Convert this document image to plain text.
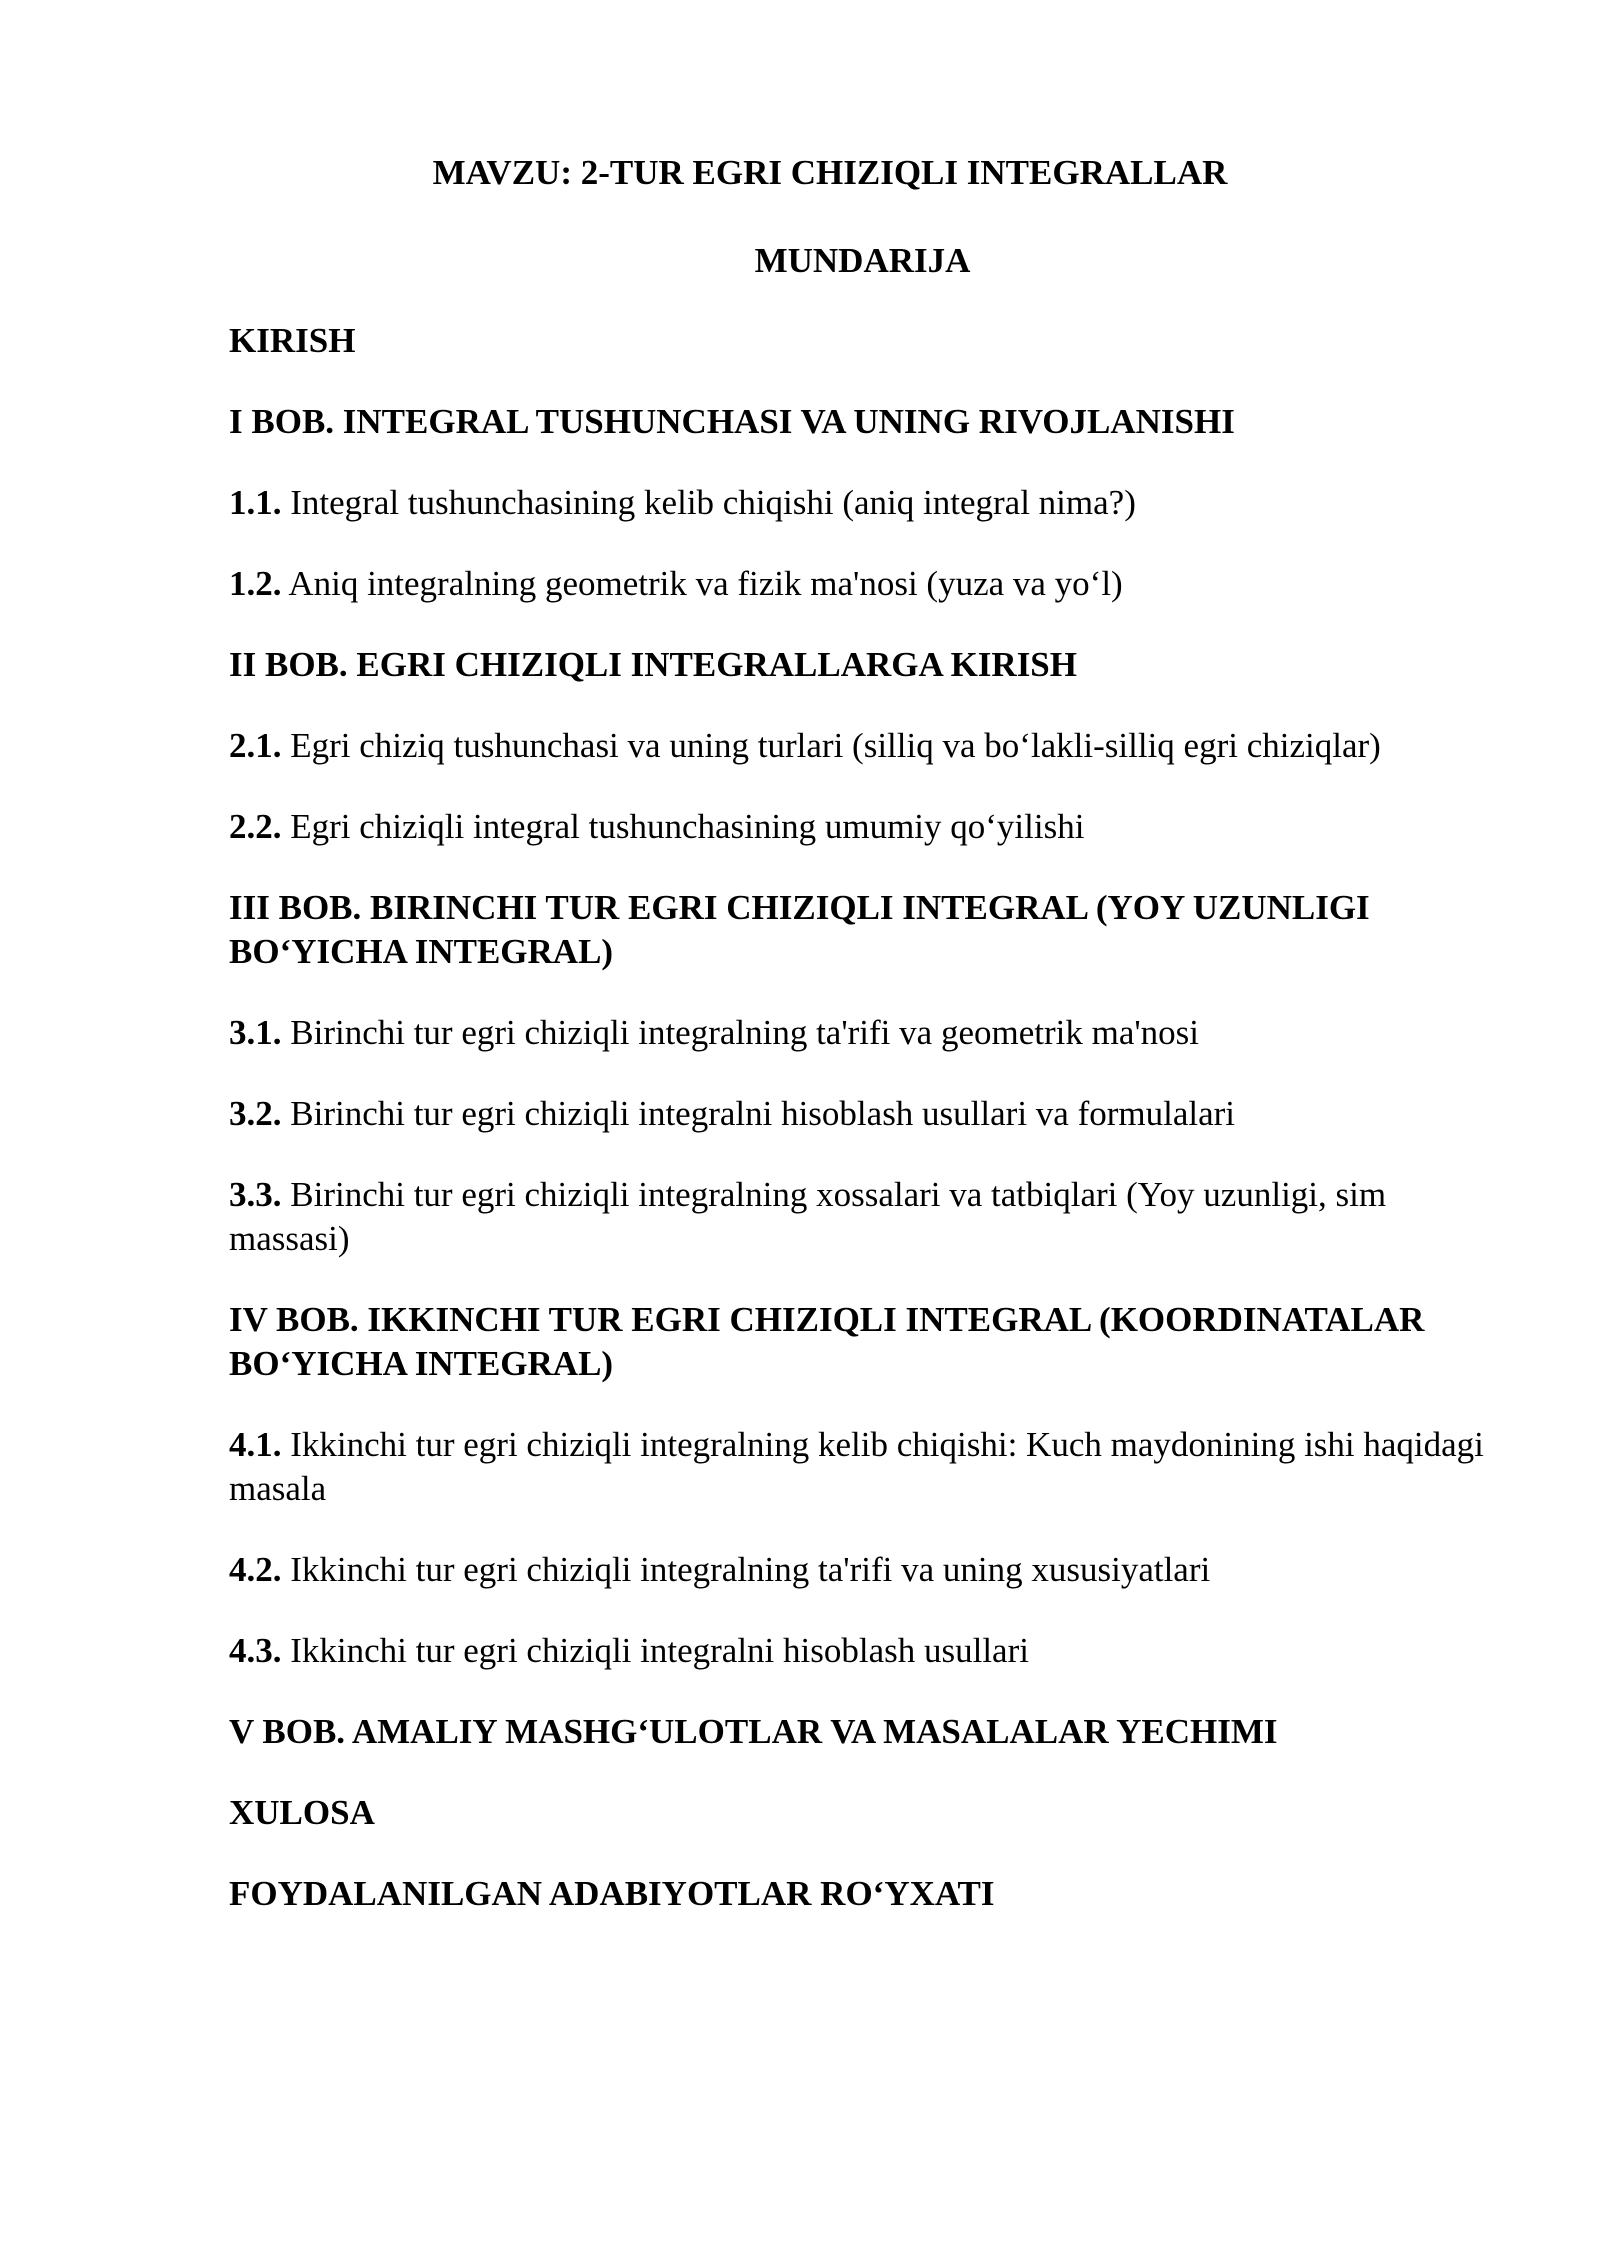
MAVZU: 2-TUR EGRI CHIZIQLI INTEGRALLAR
MUNDARIJA
KIRISH
I BOB. INTEGRAL TUSHUNCHASI VA UNING RIVOJLANISHI
1.1. Integral tushunchasining kelib chiqishi (aniq integral nima?)
1.2. Aniq integralning geometrik va fizik ma'nosi (yuza va yo‘l)
II BOB. EGRI CHIZIQLI INTEGRALLARGA KIRISH
2.1. Egri chiziq tushunchasi va uning turlari (silliq va bo‘lakli-silliq egri chiziqlar)
2.2. Egri chiziqli integral tushunchasining umumiy qo‘yilishi
III BOB. BIRINCHI TUR EGRI CHIZIQLI INTEGRAL (YOY UZUNLIGI BO‘YICHA INTEGRAL)
3.1. Birinchi tur egri chiziqli integralning ta'rifi va geometrik ma'nosi
3.2. Birinchi tur egri chiziqli integralni hisoblash usullari va formulalari
3.3. Birinchi tur egri chiziqli integralning xossalari va tatbiqlari (Yoy uzunligi, sim massasi)
IV BOB. IKKINCHI TUR EGRI CHIZIQLI INTEGRAL (KOORDINATALAR BO‘YICHA INTEGRAL)
4.1. Ikkinchi tur egri chiziqli integralning kelib chiqishi: Kuch maydonining ishi haqidagi masala
4.2. Ikkinchi tur egri chiziqli integralning ta'rifi va uning xususiyatlari
4.3. Ikkinchi tur egri chiziqli integralni hisoblash usullari
V BOB. AMALIY MASHG‘ULOTLAR VA MASALALAR YECHIMI
XULOSA
FOYDALANILGAN ADABIYOTLAR RO‘YXATI
